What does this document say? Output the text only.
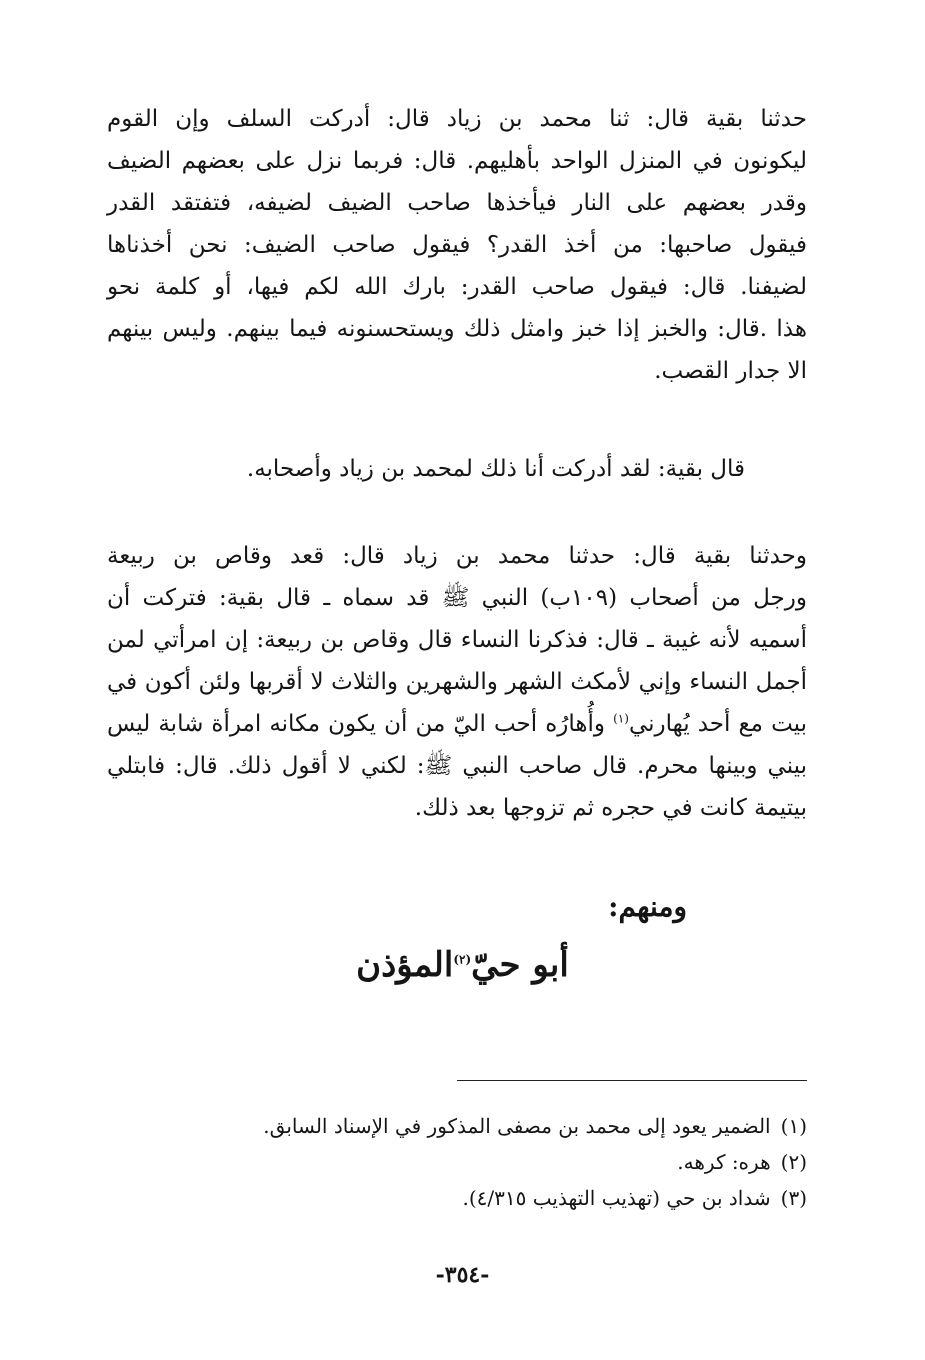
حدثنا بقية قال: ثنا محمد بن زياد قال: أدركت السلف وإن القوم
ليكونون في المنزل الواحد بأهليهم. قال: فربما نزل على بعضهم الضيف
وقدر بعضهم على النار فيأخذها صاحب الضيف لضيفه، فتفتقد القدر
فيقول صاحبها: من أخذ القدر؟ فيقول صاحب الضيف: نحن أخذناها
لضيفنا. قال: فيقول صاحب القدر: بارك الله لكم فيها، أو كلمة نحو
هذا .قال: والخبز إذا خبز وامثل ذلك ويستحسنونه فيما بينهم. وليس بينهم
الا جدار القصب.

قال بقية: لقد أدركت أنا ذلك لمحمد بن زياد وأصحابه.

وحدثنا بقية قال: حدثنا محمد بن زياد قال: قعد وقاص بن ربيعة
ورجل من أصحاب (١٠٩ب) النبي ﷺ قد سماه ـ قال بقية: فتركت أن
أسميه لأنه غيبة ـ قال: فذكرنا النساء قال وقاص بن ربيعة: إن امرأتي لمن
أجمل النساء وإني لأمكث الشهر والشهرين والثلاث لا أقربها ولئن أكون في
بيت مع أحد يُهارني$^{(١)}$ وأُهارُه أحب اليّ من أن يكون مكانه امرأة شابة ليس
بيني وبينها محرم. قال صاحب النبي ﷺ: لكني لا أقول ذلك. قال: فابتلي
بيتيمة كانت في حجره ثم تزوجها بعد ذلك.

ومنهم:

أبو حيّ$^{(٢)}$المؤذن

(١)الضمير يعود إلى محمد بن مصفى المذكور في الإسناد السابق.
(٢)هره: كرهه.
(٣)شداد بن حي (تهذيب التهذيب ٤/٣١٥).

-٣٥٤-
